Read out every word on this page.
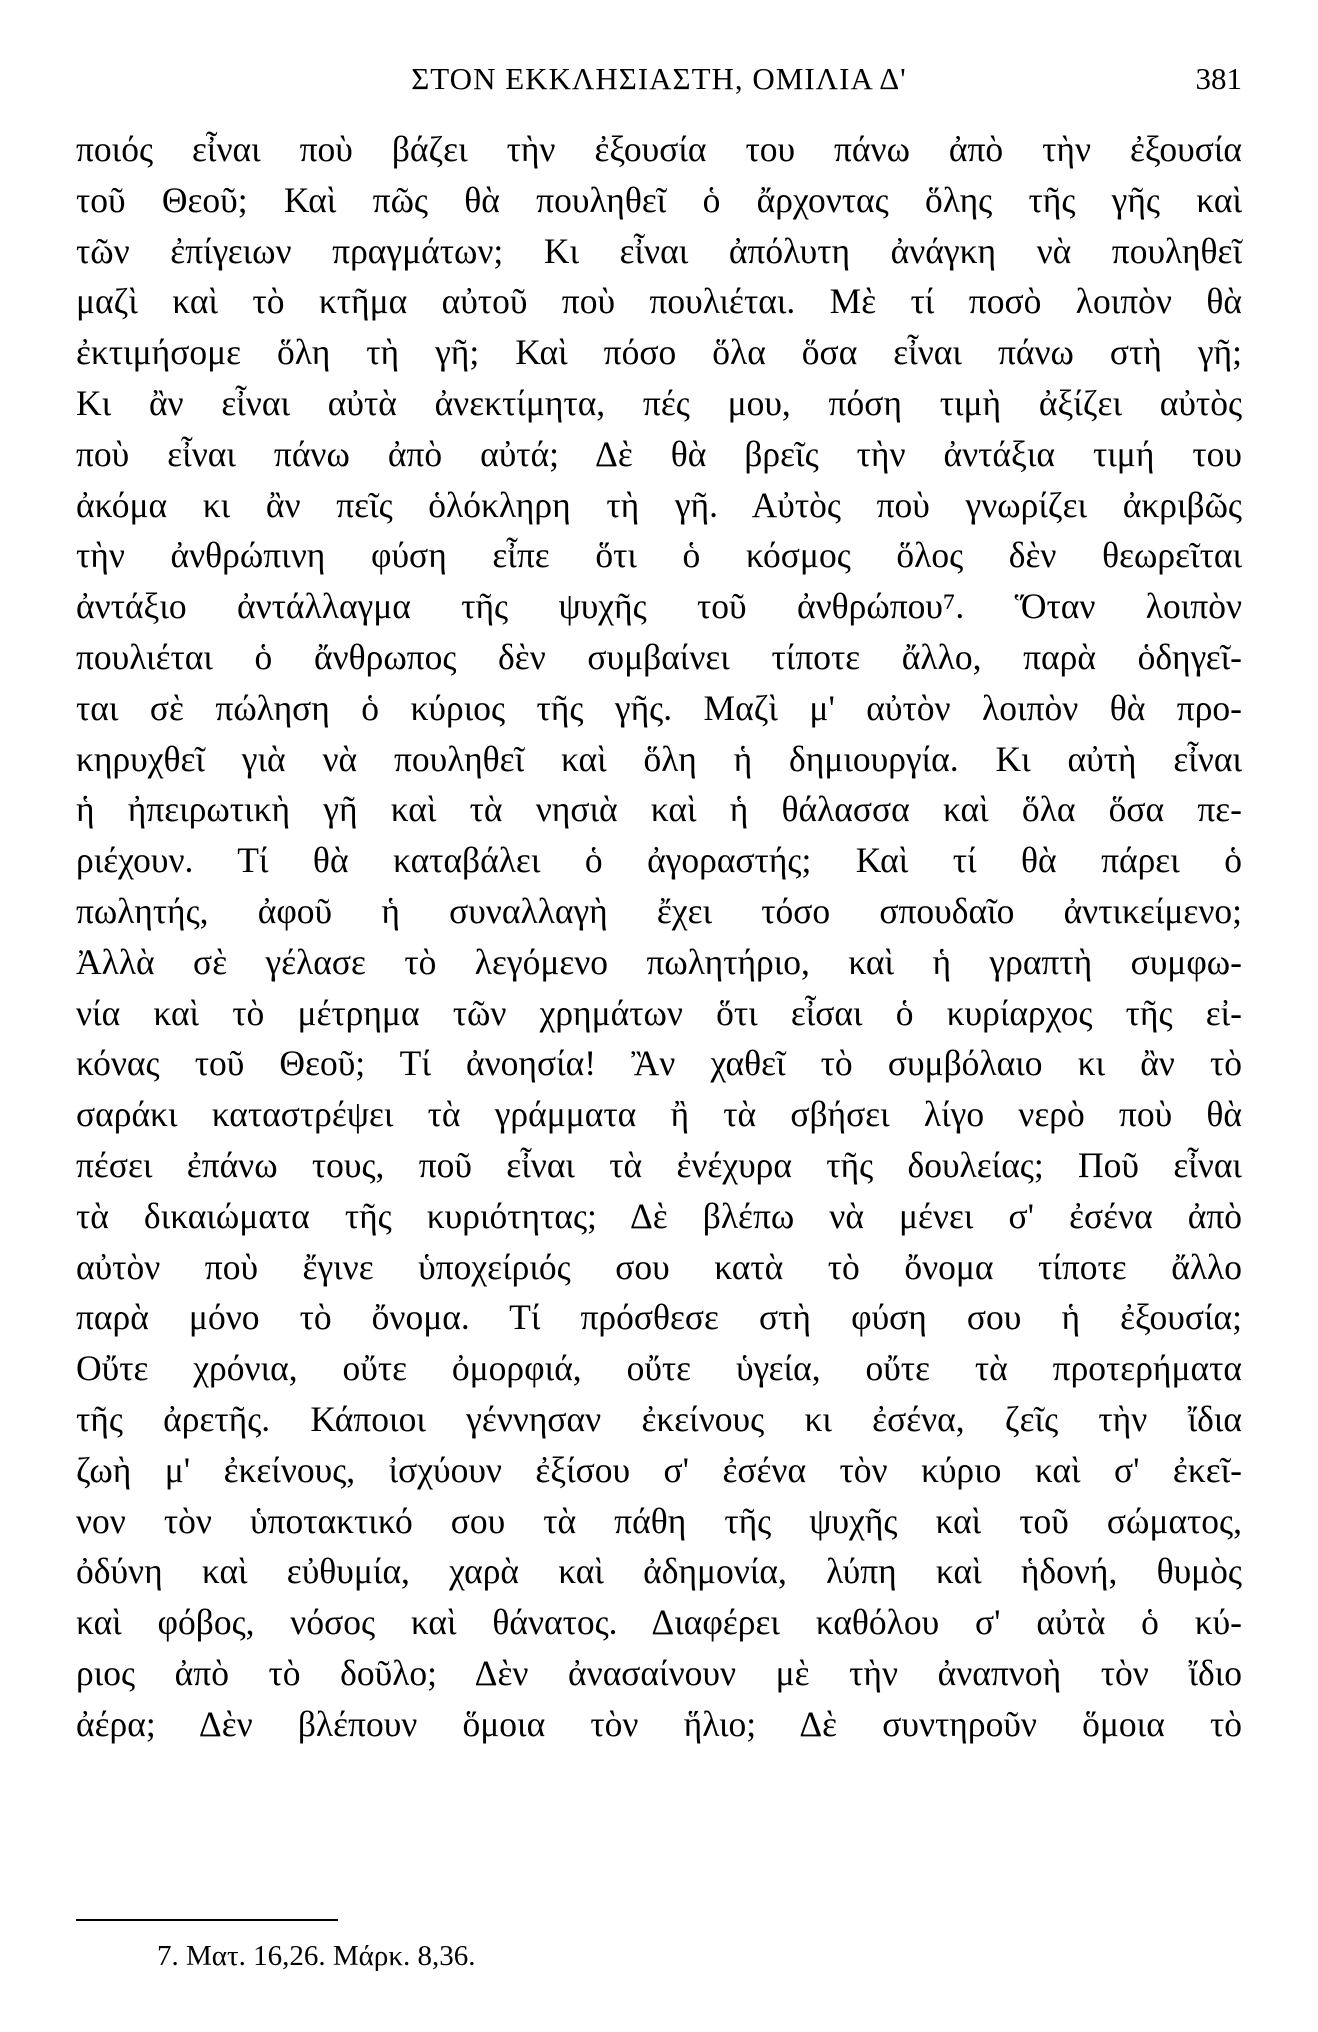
ΣΤΟΝ ΕΚΚΛΗΣΙΑΣΤΗ, ΟΜΙΛΙΑ Δ'	381
ποιός εἶναι ποὺ βάζει τὴν ἐξουσία του πάνω ἀπὸ τὴν ἐξουσία
τοῦ Θεοῦ; Καὶ πῶς θὰ πουληθεῖ ὁ ἄρχοντας ὅλης τῆς γῆς καὶ
τῶν ἐπίγειων πραγμάτων; Κι εἶναι ἀπόλυτη ἀνάγκη νὰ πουληθεῖ
μαζὶ καὶ τὸ κτῆμα αὐτοῦ ποὺ πουλιέται. Μὲ τί ποσὸ λοιπὸν θὰ
ἐκτιμήσομε ὅλη τὴ γῆ; Καὶ πόσο ὅλα ὅσα εἶναι πάνω στὴ γῆ;
Κι ἂν εἶναι αὐτὰ ἀνεκτίμητα, πές μου, πόση τιμὴ ἀξίζει αὐτὸς
ποὺ εἶναι πάνω ἀπὸ αὐτά; Δὲ θὰ βρεῖς τὴν ἀντάξια τιμή του
ἀκόμα κι ἂν πεῖς ὁλόκληρη τὴ γῆ. Αὐτὸς ποὺ γνωρίζει ἀκριβῶς
τὴν ἀνθρώπινη φύση εἶπε ὅτι ὁ κόσμος ὅλος δὲν θεωρεῖται
ἀντάξιο ἀντάλλαγμα τῆς ψυχῆς τοῦ ἀνθρώπου⁷. Ὅταν λοιπὸν
πουλιέται ὁ ἄνθρωπος δὲν συμβαίνει τίποτε ἄλλο, παρὰ ὁδηγεῖ-
ται σὲ πώληση ὁ κύριος τῆς γῆς. Μαζὶ μ' αὐτὸν λοιπὸν θὰ προ-
κηρυχθεῖ γιὰ νὰ πουληθεῖ καὶ ὅλη ἡ δημιουργία. Κι αὐτὴ εἶναι
ἡ ἠπειρωτικὴ γῆ καὶ τὰ νησιὰ καὶ ἡ θάλασσα καὶ ὅλα ὅσα πε-
ριέχουν. Τί θὰ καταβάλει ὁ ἀγοραστής; Καὶ τί θὰ πάρει ὁ
πωλητής, ἀφοῦ ἡ συναλλαγὴ ἔχει τόσο σπουδαῖο ἀντικείμενο;
Ἀλλὰ σὲ γέλασε τὸ λεγόμενο πωλητήριο, καὶ ἡ γραπτὴ συμφω-
νία καὶ τὸ μέτρημα τῶν χρημάτων ὅτι εἶσαι ὁ κυρίαρχος τῆς εἰ-
κόνας τοῦ Θεοῦ; Τί ἀνοησία! Ἂν χαθεῖ τὸ συμβόλαιο κι ἂν τὸ
σαράκι καταστρέψει τὰ γράμματα ἢ τὰ σβήσει λίγο νερὸ ποὺ θὰ
πέσει ἐπάνω τους, ποῦ εἶναι τὰ ἐνέχυρα τῆς δουλείας; Ποῦ εἶναι
τὰ δικαιώματα τῆς κυριότητας; Δὲ βλέπω νὰ μένει σ' ἐσένα ἀπὸ
αὐτὸν ποὺ ἔγινε ὑποχείριός σου κατὰ τὸ ὄνομα τίποτε ἄλλο
παρὰ μόνο τὸ ὄνομα. Τί πρόσθεσε στὴ φύση σου ἡ ἐξουσία;
Οὔτε χρόνια, οὔτε ὀμορφιά, οὔτε ὑγεία, οὔτε τὰ προτερήματα
τῆς ἀρετῆς. Κάποιοι γέννησαν ἐκείνους κι ἐσένα, ζεῖς τὴν ἴδια
ζωὴ μ' ἐκείνους, ἰσχύουν ἐξίσου σ' ἐσένα τὸν κύριο καὶ σ' ἐκεῖ-
νον τὸν ὑποτακτικό σου τὰ πάθη τῆς ψυχῆς καὶ τοῦ σώματος,
ὀδύνη καὶ εὐθυμία, χαρὰ καὶ ἀδημονία, λύπη καὶ ἡδονή, θυμὸς
καὶ φόβος, νόσος καὶ θάνατος. Διαφέρει καθόλου σ' αὐτὰ ὁ κύ-
ριος ἀπὸ τὸ δοῦλο; Δὲν ἀνασαίνουν μὲ τὴν ἀναπνοὴ τὸν ἴδιο
ἀέρα; Δὲν βλέπουν ὅμοια τὸν ἥλιο; Δὲ συντηροῦν ὅμοια τὸ
7. Ματ. 16,26. Μάρκ. 8,36.
